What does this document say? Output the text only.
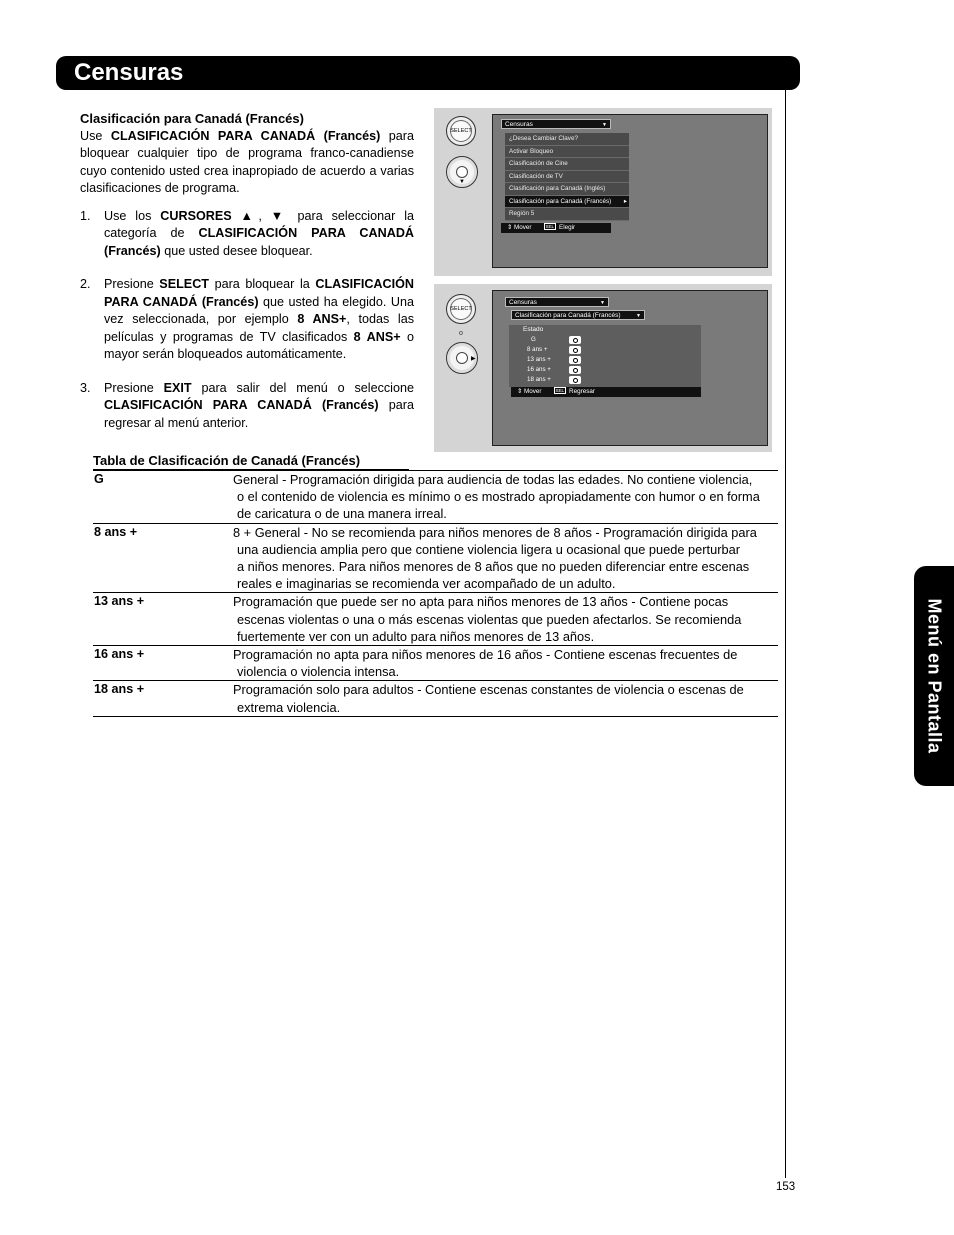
Censuras
Menú en Pantalla
Clasificación para Canadá (Francés)
Use CLASIFICACIÓN PARA CANADÁ (Francés) para bloquear cualquier tipo de programa franco-canadiense cuyo contenido usted crea inapropiado de acuerdo a varias clasificaciones de programa.
1. Use los CURSORES ▲, ▼ para seleccionar la categoría de CLASIFICACIÓN PARA CANADÁ (Francés) que usted desee bloquear.
2. Presione SELECT para bloquear la CLASIFICACIÓN PARA CANADÁ (Francés) que usted ha elegido. Una vez seleccionada, por ejemplo 8 ANS+, todas las películas y programas de TV clasificados 8 ANS+ o mayor serán bloqueados automáticamente.
3. Presione EXIT para salir del menú o seleccione CLASIFICACIÓN PARA CANADÁ (Francés) para regresar al menú anterior.
SELECT
▼
Censuras	▼
¿Desea Cambiar Clave?
Activar Bloqueo
Clasificación de Cine
Clasificación de TV
Clasificación para Canadá (Inglés)
Clasificación para Canadá (Francés) ▸
Región 5
⇕ Mover	SEL Elegir
SELECT
o
▶
Censuras	▼
Clasificación para Canadá (Francés)	▼
Estado
G
8 ans +
13 ans +
16 ans +
18 ans +
⇕ Mover	SEL Regresar
Tabla de Clasificación de Canadá (Francés)
G	General - Programación dirigida para audiencia de todas las edades. No contiene violencia,
o el contenido de violencia es mínimo o es mostrado apropiadamente con humor o en forma
de caricatura o de una manera irreal.
8 ans +	8 + General - No se recomienda para niños menores de 8 años - Programación dirigida para
una audiencia amplia pero que contiene violencia ligera u ocasional que puede perturbar
a niños menores. Para niños menores de 8 años que no pueden diferenciar entre escenas
reales e imaginarias se recomienda ver acompañado de un adulto.
13 ans +	Programación que puede ser no apta para niños menores de 13 años - Contiene pocas
escenas violentas o una o más escenas violentas que pueden afectarlos. Se recomienda
fuertemente ver con un adulto para niños menores de 13 años.
16 ans +	Programación no apta para niños menores de 16 años - Contiene escenas frecuentes de
violencia o violencia intensa.
18 ans +	Programación solo para adultos - Contiene escenas constantes de violencia o escenas de
extrema violencia.
153
